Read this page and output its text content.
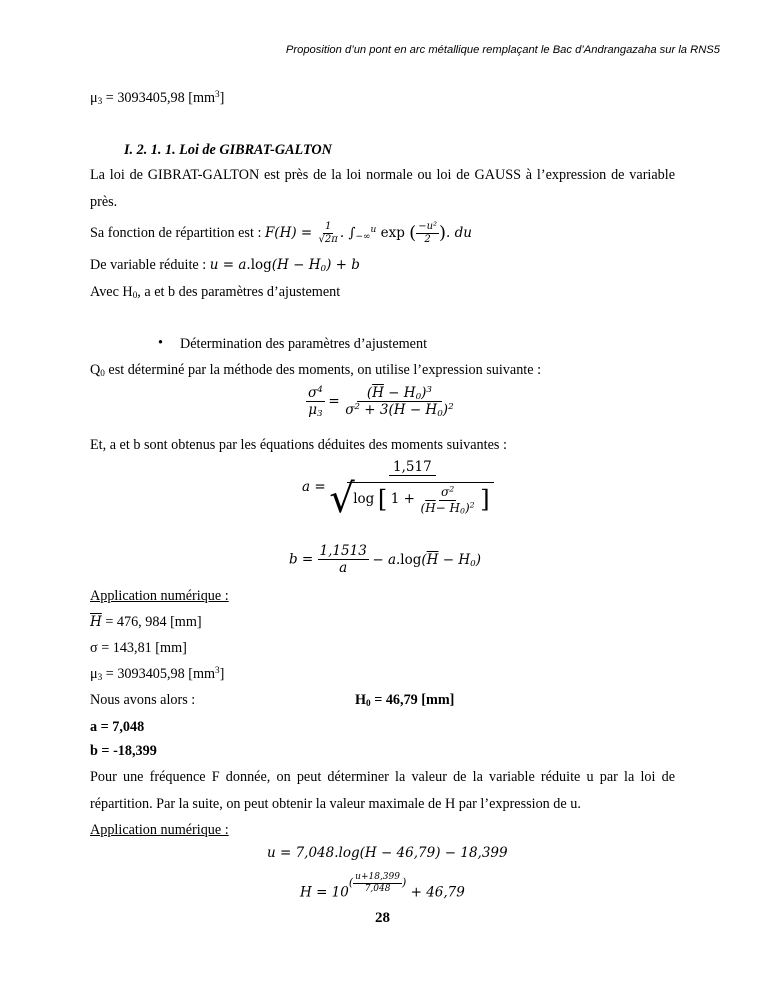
Proposition d’un pont en arc métallique remplaçant le Bac d’Andrangazaha sur la RNS5
$\mu_3 = 3093405,98$ $[mm^3]$
I. 2. 1. 1. Loi de GIBRAT-GALTON
La loi de GIBRAT-GALTON est près de la loi normale ou loi de GAUSS à l’expression de variable
près.
Sa fonction de répartition est : $F(H) = \frac{1}{√2\pi}$ . $\int_{-\infty}^u$ exp ( $\frac{\text{−u²}}{2}$ ). du
De variable réduite : $u = a.\log(H - H_0) + b$
Avec $H_0$, a et b des paramètres d’ajustement
• Détermination des paramètres d’ajustement
$Q_0$ est déterminé par la méthode des moments, on utilise l’expression suivante :
$\frac{\sigma^4}{\mu_3} = \frac{(\overline{H} - H_0)^3}{\sigma^2 + 3(\overline{H} - H_0)^2}$
Et, a et b sont obtenus par les équations déduites des moments suivantes :
a =
1,517
√
log [ $1 + \frac{\sigma^2}{(\overline{H}- H_0)^2}$ ]
$b = \frac{1,1513}{a} - a.\log(\overline{H} - H_0)$
Application numérique :
$\overline{H} = 476$, 984 [mm]
σ = 143,81 [mm]
$\mu_3 = 3093405,98$ $[mm^3]$
Nous avons alors :	$H_0 = 46,79$ [mm]
a = 7,048
b = -18,399
Pour une fréquence F donnée, on peut déterminer la valeur de la variable réduite u par la loi de
répartition. Par la suite, on peut obtenir la valeur maximale de H par l’expression de u.
Application numérique :
u = 7,048.log(H − 46,79) − 18,399
$H = 10^{( \frac{u+18,399}{7,048} )} + 46,79$
28
